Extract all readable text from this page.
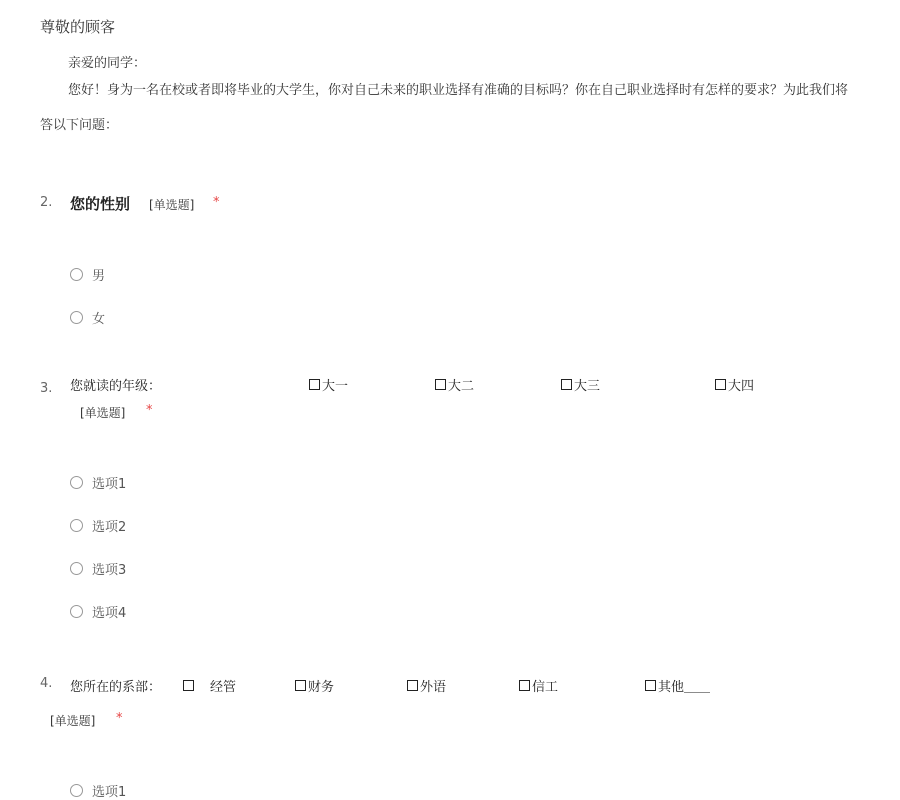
尊敬的顾客
亲爱的同学：
您好！身为一名在校或者即将毕业的大学生，你对自己未来的职业选择有准确的目标吗？你在自己职业选择时有怎样的要求？为此我们将
答以下问题：
2. 您的性别 [单选题] *
男
女
3. 您就读的年级：	大一	大二	大三	大四
[单选题] *
选项1
选项2
选项3
选项4
4. 您所在的系部：	经管	财务	外语	信工	其他＿＿
[单选题] *
选项1
